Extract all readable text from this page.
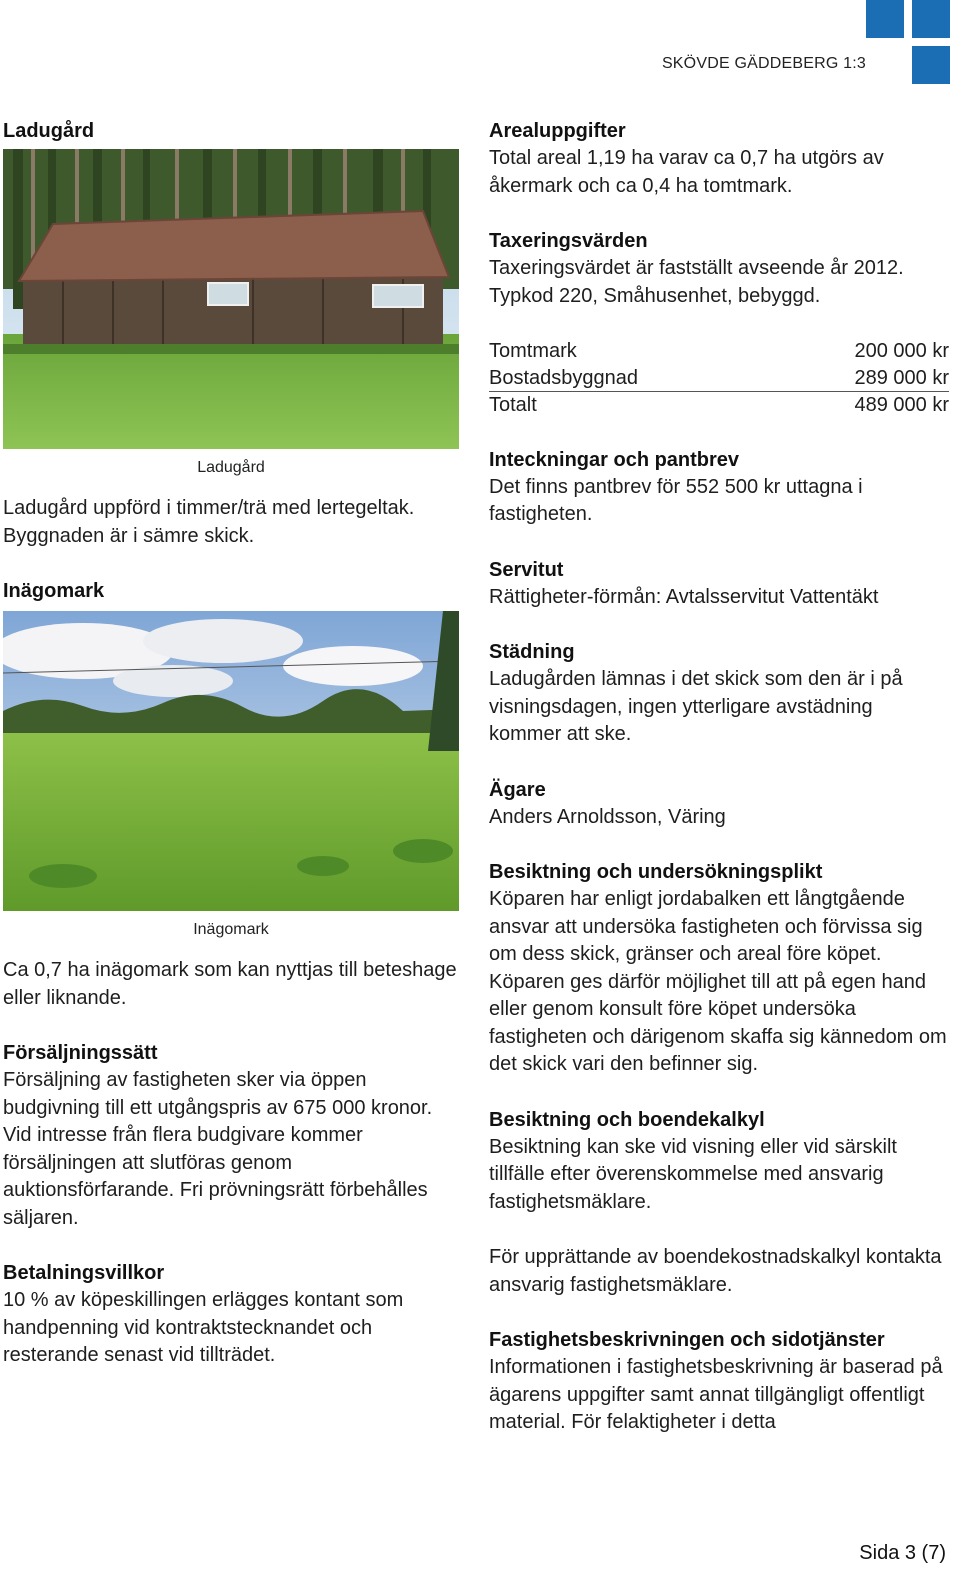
SKÖVDE GÄDDEBERG 1:3
Ladugård
Ladugård

Ladugård uppförd i timmer/trä med lertegeltak. Byggnaden är i sämre skick.

Inägomark
Inägomark

Ca 0,7 ha inägomark som kan nyttjas till beteshage eller liknande.

Försäljningssätt

Försäljning av fastigheten sker via öppen budgivning till ett utgångspris av 675 000 kronor. Vid intresse från flera budgivare kommer försäljningen att slutföras genom auktionsförfarande. Fri prövningsrätt förbehålles säljaren.

Betalningsvillkor

10 % av köpeskillingen erlägges kontant som handpenning vid kontraktstecknandet och resterande senast vid tillträdet.

Arealuppgifter

Total areal 1,19 ha varav ca 0,7 ha utgörs av åkermark och ca 0,4 ha tomtmark.

Taxeringsvärden

Taxeringsvärdet är fastställt avseende år 2012. Typkod 220, Småhusenhet, bebyggd.

Tomtmark	200 000 kr
Bostadsbyggnad	289 000 kr
Totalt	489 000 kr
Inteckningar och pantbrev

Det finns pantbrev för 552 500 kr uttagna i fastigheten.

Servitut

Rättigheter-förmån: Avtalsservitut Vattentäkt

Städning

Ladugården lämnas i det skick som den är i på visningsdagen, ingen ytterligare avstädning kommer att ske.

Ägare

Anders Arnoldsson, Väring

Besiktning och undersökningsplikt

Köparen har enligt jordabalken ett långtgående ansvar att undersöka fastigheten och förvissa sig om dess skick, gränser och areal före köpet. Köparen ges därför möjlighet till att på egen hand eller genom konsult före köpet undersöka fastigheten och därigenom skaffa sig kännedom om det skick vari den befinner sig.

Besiktning och boendekalkyl

Besiktning kan ske vid visning eller vid särskilt tillfälle efter överenskommelse med ansvarig fastighetsmäklare.

För upprättande av boendekostnadskalkyl kontakta ansvarig fastighetsmäklare.

Fastighetsbeskrivningen och sidotjänster

Informationen i fastighetsbeskrivning är baserad på ägarens uppgifter samt annat tillgängligt offentligt material. För felaktigheter i detta

Sida 3 (7)
